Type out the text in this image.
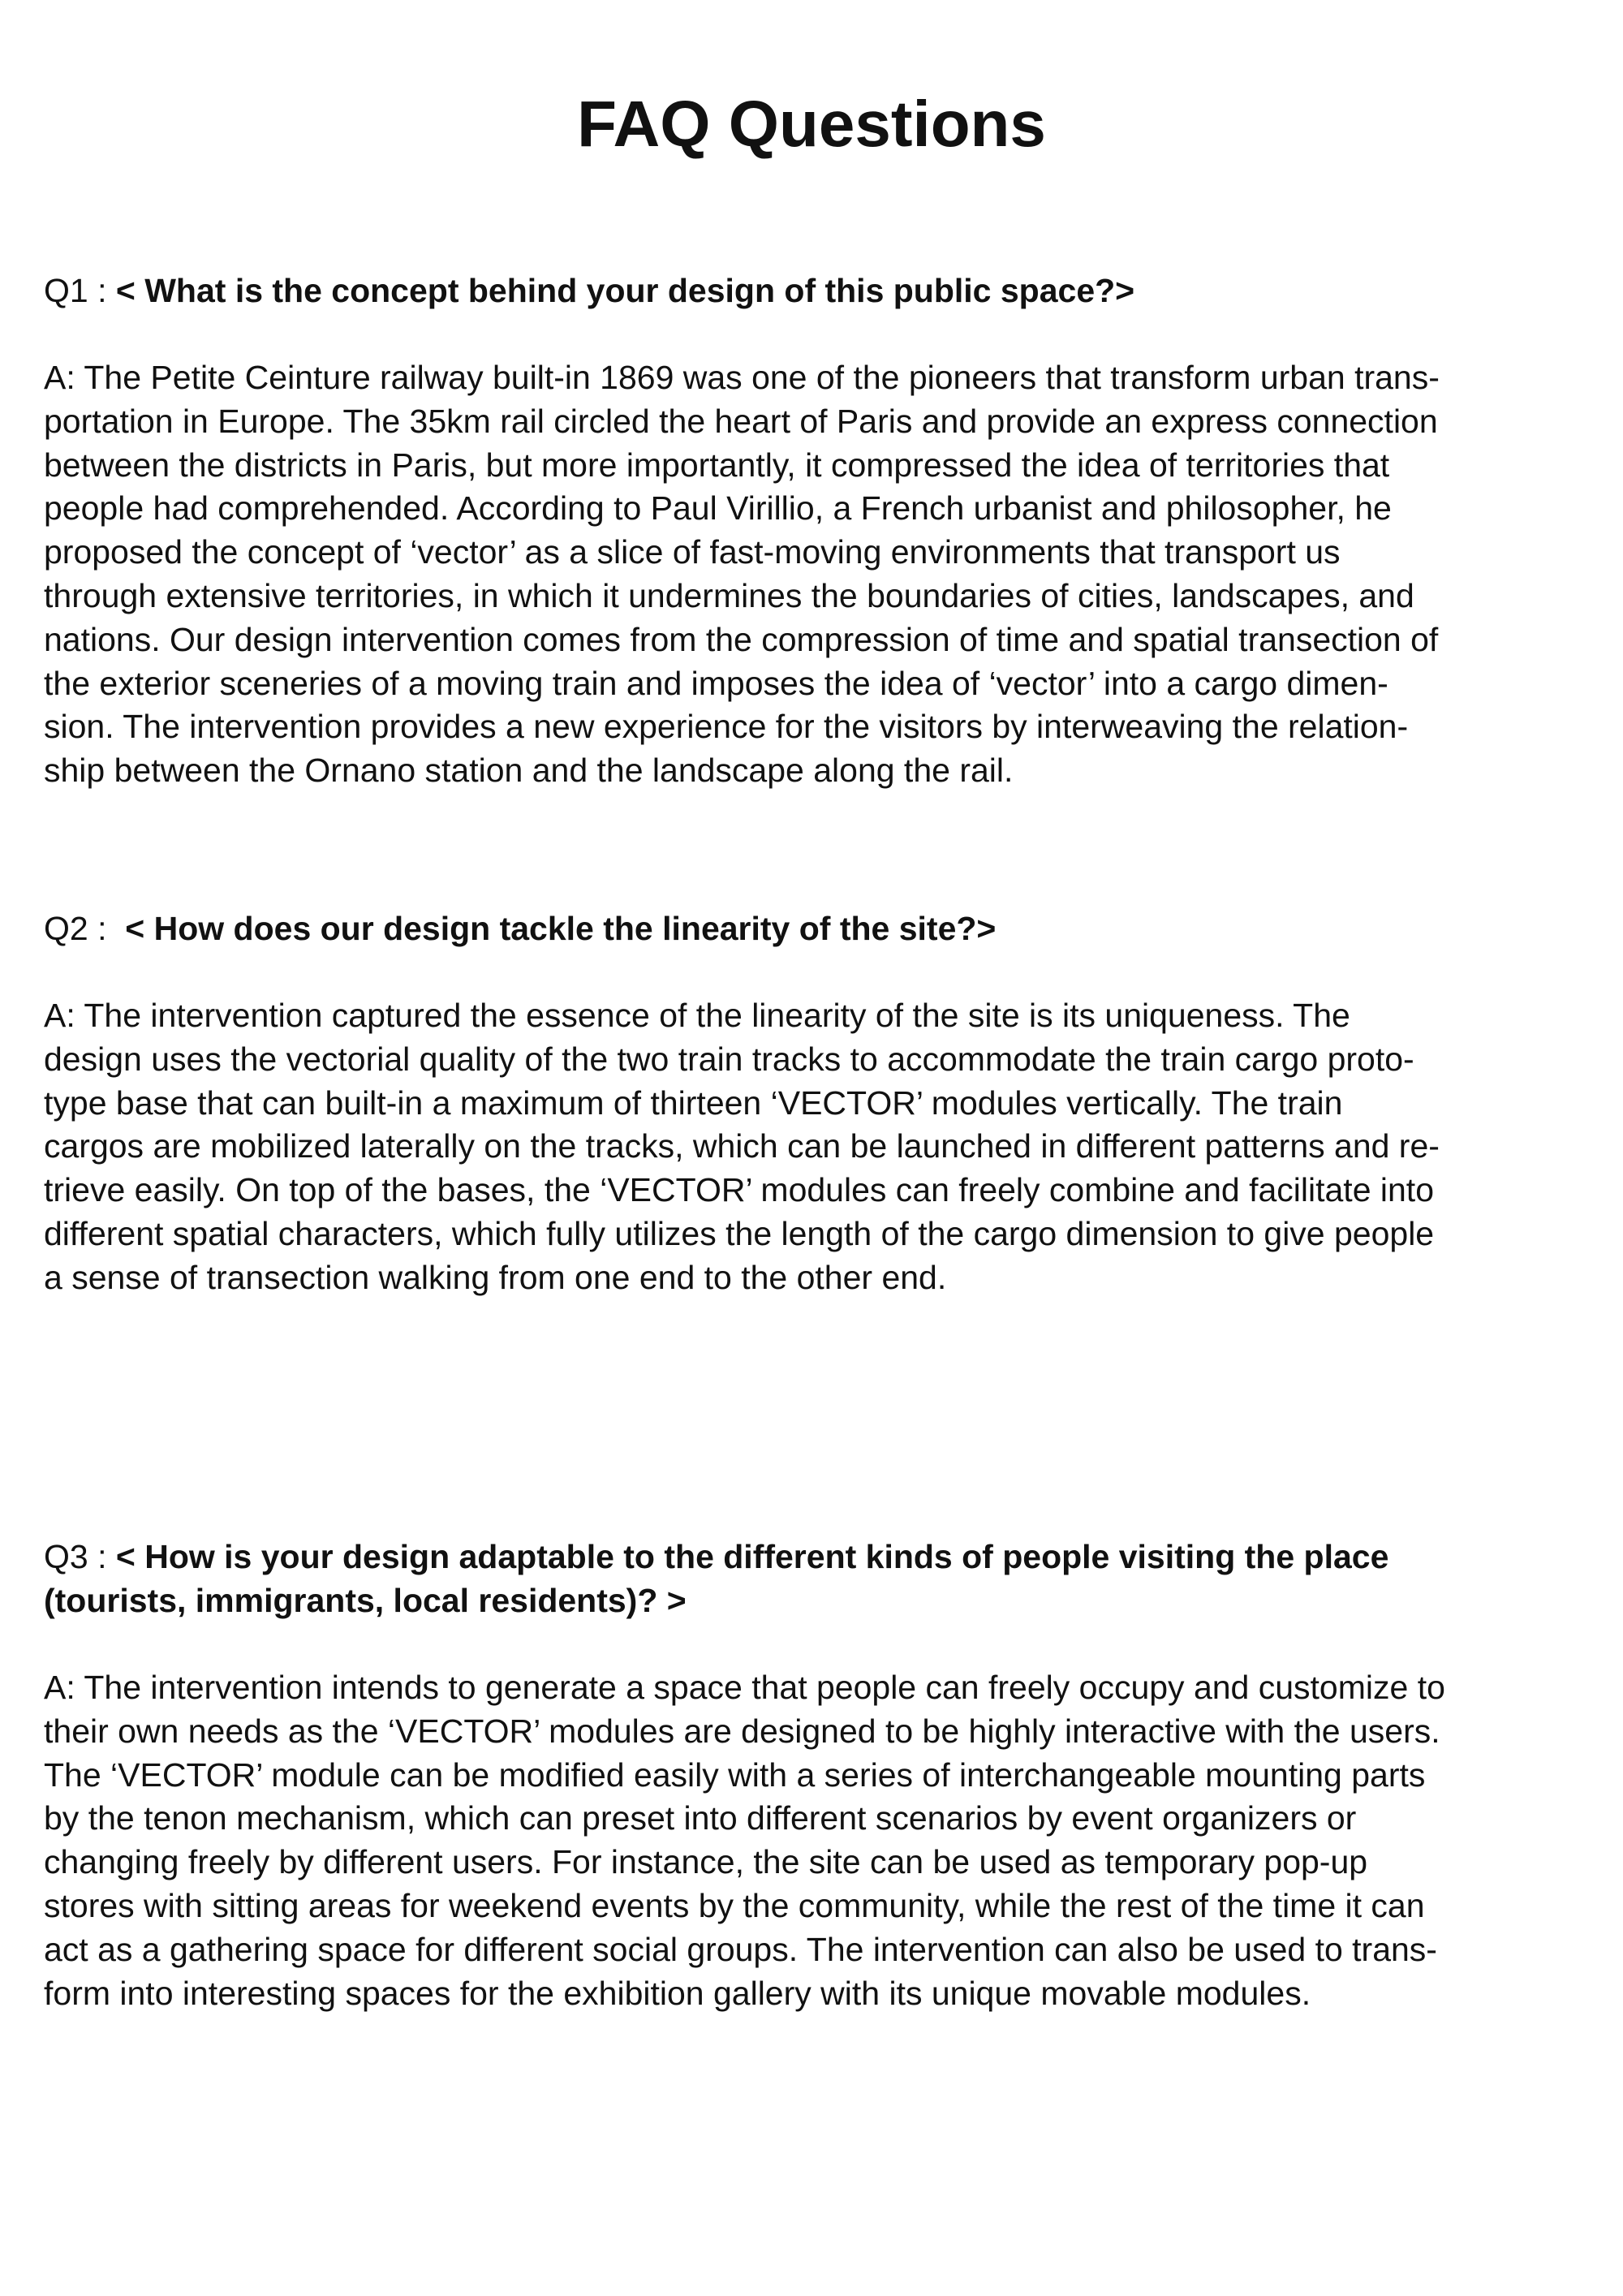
FAQ Questions

Q1 : < What is the concept behind your design of this public space?>

A: The Petite Ceinture railway built-in 1869 was one of the pioneers that transform urban trans-
portation in Europe. The 35km rail circled the heart of Paris and provide an express connection
between the districts in Paris, but more importantly, it compressed the idea of territories that
people had comprehended. According to Paul Virillio, a French urbanist and philosopher, he
proposed the concept of ‘vector’ as a slice of fast-moving environments that transport us
through extensive territories, in which it undermines the boundaries of cities, landscapes, and
nations. Our design intervention comes from the compression of time and spatial transection of
the exterior sceneries of a moving train and imposes the idea of ‘vector’ into a cargo dimen-
sion. The intervention provides a new experience for the visitors by interweaving the relation-
ship between the Ornano station and the landscape along the rail.

Q2 : < How does our design tackle the linearity of the site?>

A: The intervention captured the essence of the linearity of the site is its uniqueness. The
design uses the vectorial quality of the two train tracks to accommodate the train cargo proto-
type base that can built-in a maximum of thirteen ‘VECTOR’ modules vertically. The train
cargos are mobilized laterally on the tracks, which can be launched in different patterns and re-
trieve easily. On top of the bases, the ‘VECTOR’ modules can freely combine and facilitate into
different spatial characters, which fully utilizes the length of the cargo dimension to give people
a sense of transection walking from one end to the other end.

Q3 : < How is your design adaptable to the different kinds of people visiting the place
(tourists, immigrants, local residents)? >

A: The intervention intends to generate a space that people can freely occupy and customize to
their own needs as the ‘VECTOR’ modules are designed to be highly interactive with the users.
The ‘VECTOR’ module can be modified easily with a series of interchangeable mounting parts
by the tenon mechanism, which can preset into different scenarios by event organizers or
changing freely by different users. For instance, the site can be used as temporary pop-up
stores with sitting areas for weekend events by the community, while the rest of the time it can
act as a gathering space for different social groups. The intervention can also be used to trans-
form into interesting spaces for the exhibition gallery with its unique movable modules.
